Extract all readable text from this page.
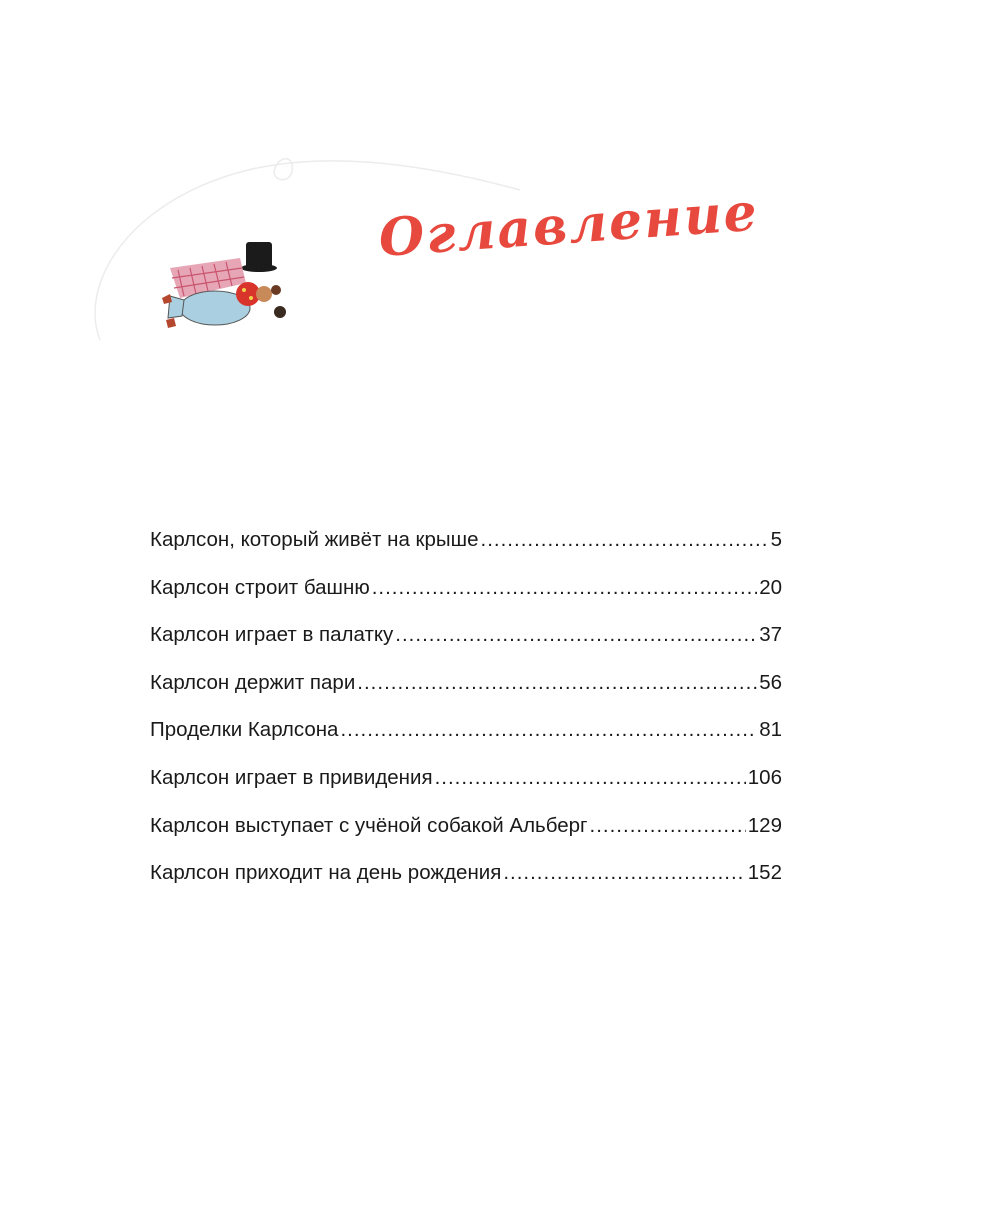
Оглавление
Карлсон, который живёт на крыше .....	5
Карлсон строит башню .....	20
Карлсон играет в палатку .....	37
Карлсон держит пари .....	56
Проделки Карлсона .....	81
Карлсон играет в привидения .....	106
Карлсон выступает с учёной собакой Альберг .....	129
Карлсон приходит на день рождения .....	152
